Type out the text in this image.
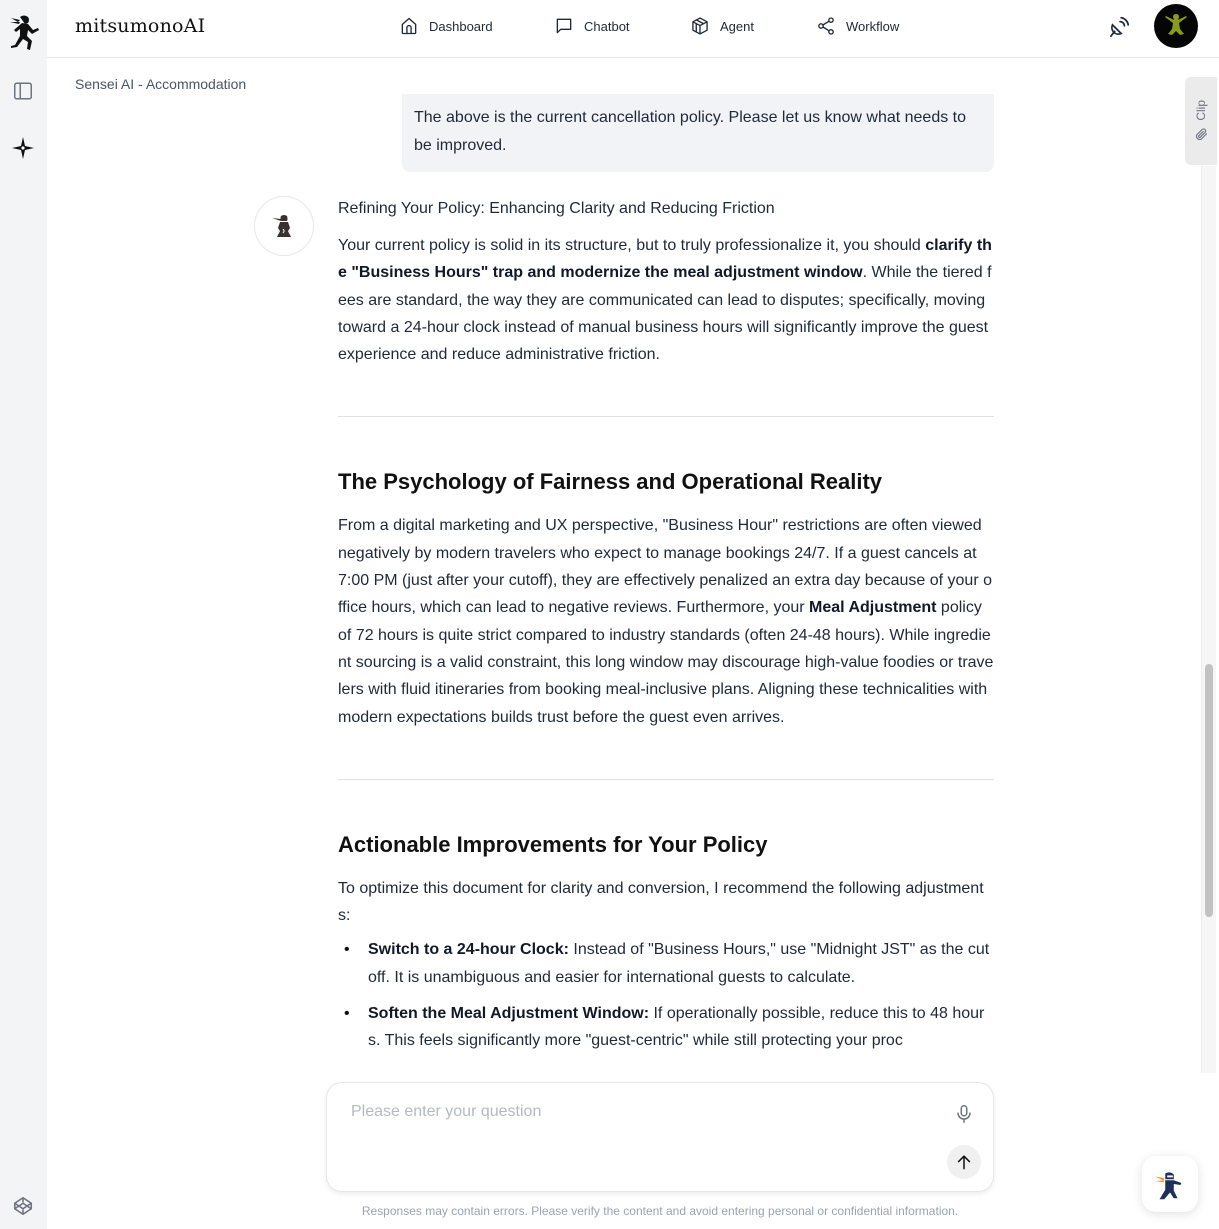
mitsumonoAI	Dashboard	Chatbot	Agent	Workflow
Sensei AI - Accommodation
The above is the current cancellation policy. Please let us know what needs to be improved.
Refining Your Policy: Enhancing Clarity and Reducing Friction

Your current policy is solid in its structure, but to truly professionalize it, you should clarify the "Business Hours" trap and modernize the meal adjustment window. While the tiered fees are standard, the way they are communicated can lead to disputes; specifically, moving toward a 24-hour clock instead of manual business hours will significantly improve the guest experience and reduce administrative friction.

The Psychology of Fairness and Operational Reality

From a digital marketing and UX perspective, "Business Hour" restrictions are often viewed negatively by modern travelers who expect to manage bookings 24/7. If a guest cancels at 7:00 PM (just after your cutoff), they are effectively penalized an extra day because of your office hours, which can lead to negative reviews. Furthermore, your Meal Adjustment policy of 72 hours is quite strict compared to industry standards (often 24-48 hours). While ingredient sourcing is a valid constraint, this long window may discourage high-value foodies or travelers with fluid itineraries from booking meal-inclusive plans. Aligning these technicalities with modern expectations builds trust before the guest even arrives.

Actionable Improvements for Your Policy

To optimize this document for clarity and conversion, I recommend the following adjustments:

• Switch to a 24-hour Clock: Instead of "Business Hours," use "Midnight JST" as the cutoff. It is unambiguous and easier for international guests to calculate.
• Soften the Meal Adjustment Window: If operationally possible, reduce this to 48 hours. This feels significantly more "guest-centric" while still protecting your proc
Clip
Please enter your question
Responses may contain errors. Please verify the content and avoid entering personal or confidential information.
